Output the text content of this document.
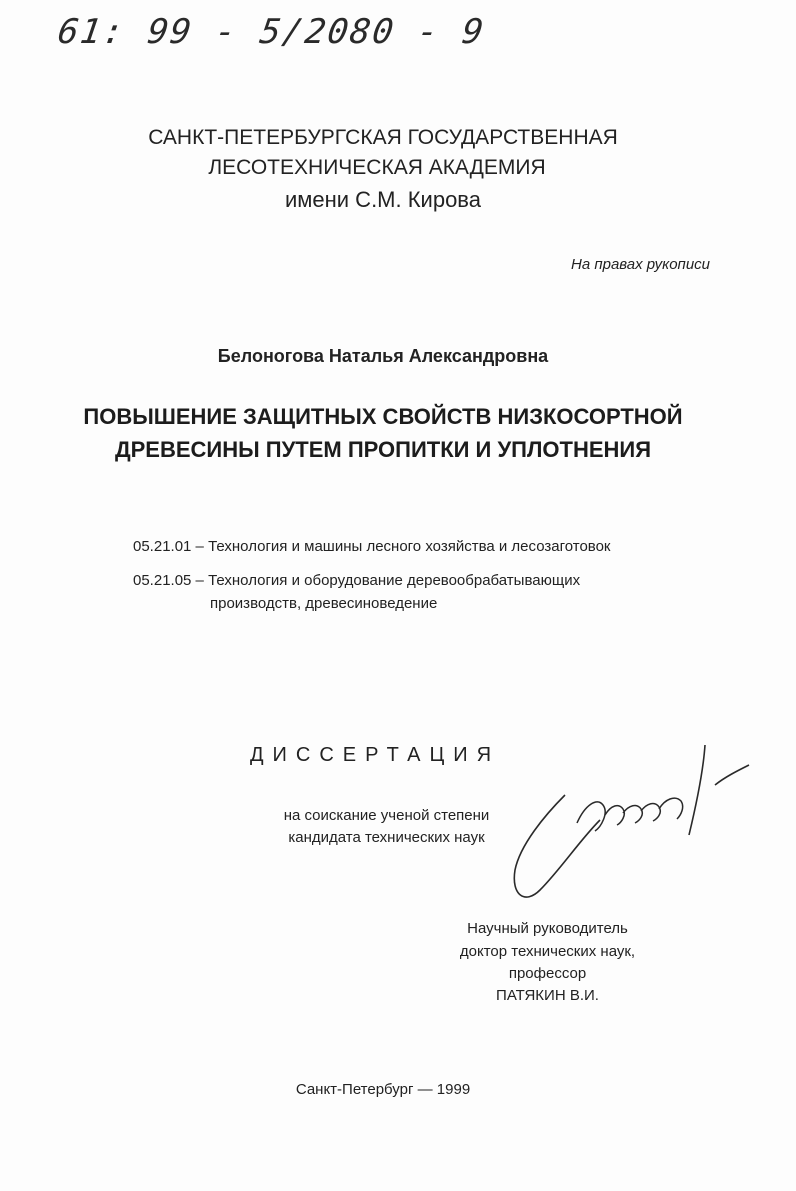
61: 99 - 5/2080 - 9
САНКТ-ПЕТЕРБУРГСКАЯ ГОСУДАРСТВЕННАЯ
ЛЕСОТЕХНИЧЕСКАЯ АКАДЕМИЯ
имени С.М. Кирова
На правах рукописи
Белоногова Наталья Александровна
ПОВЫШЕНИЕ ЗАЩИТНЫХ СВОЙСТВ НИЗКОСОРТНОЙ
ДРЕВЕСИНЫ ПУТЕМ ПРОПИТКИ И УПЛОТНЕНИЯ
05.21.01 – Технология и машины лесного хозяйства и лесозаготовок
05.21.05 – Технология и оборудование деревообрабатывающих
производств, древесиноведение
ДИССЕРТАЦИЯ
на соискание ученой степени
кандидата технических наук
Научный руководитель
доктор технических наук,
профессор
ПАТЯКИН В.И.
Санкт-Петербург — 1999
